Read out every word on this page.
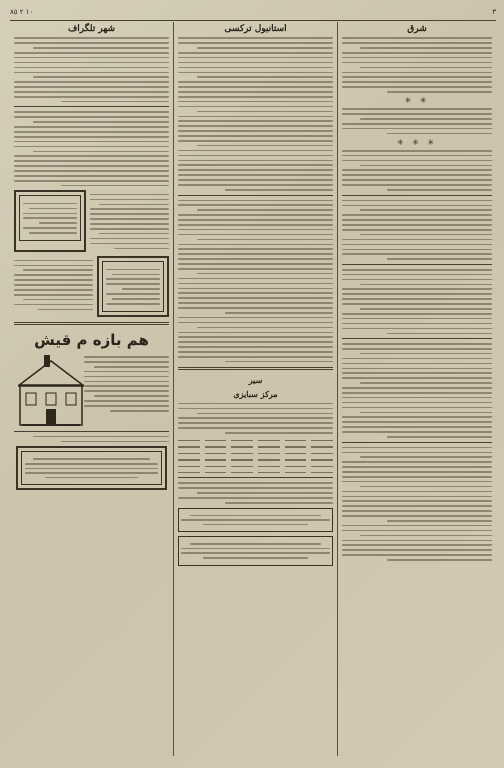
٣
١٠ ٢ ٨٥
شرق
✳ ✳
✳ ✳ ✳
استانبول ترکسی
سیر
مرکز سبایزی
شهر تلگراف
هم بازه م قیش
